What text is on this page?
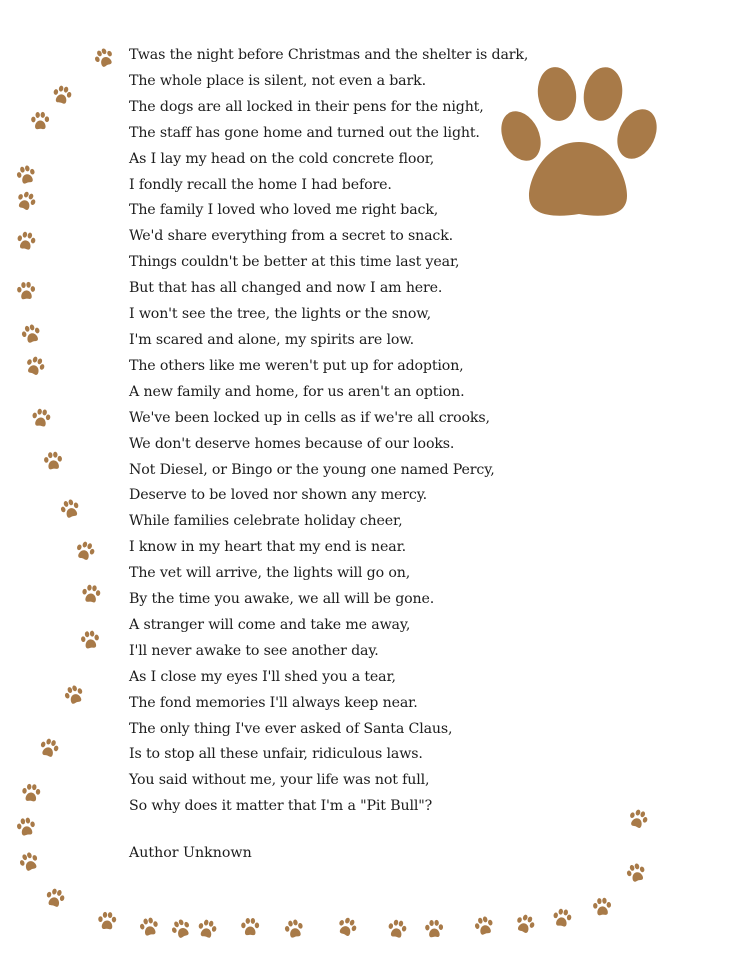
Twas the night before Christmas and the shelter is dark,
The whole place is silent, not even a bark.
The dogs are all locked in their pens for the night,
The staff has gone home and turned out the light.
As I lay my head on the cold concrete floor,
I fondly recall the home I had before.
The family I loved who loved me right back,
We'd share everything from a secret to snack.
Things couldn't be better at this time last year,
But that has all changed and now I am here.
I won't see the tree, the lights or the snow,
I'm scared and alone, my spirits are low.
The others like me weren't put up for adoption,
A new family and home, for us aren't an option.
We've been locked up in cells as if we're all crooks,
We don't deserve homes because of our looks.
Not Diesel, or Bingo or the young one named Percy,
Deserve to be loved nor shown any mercy.
While families celebrate holiday cheer,
I know in my heart that my end is near.
The vet will arrive, the lights will go on,
By the time you awake, we all will be gone.
A stranger will come and take me away,
I'll never awake to see another day.
As I close my eyes I'll shed you a tear,
The fond memories I'll always keep near.
The only thing I've ever asked of Santa Claus,
Is to stop all these unfair, ridiculous laws.
You said without me, your life was not full,
So why does it matter that I'm a "Pit Bull"?
Author Unknown
